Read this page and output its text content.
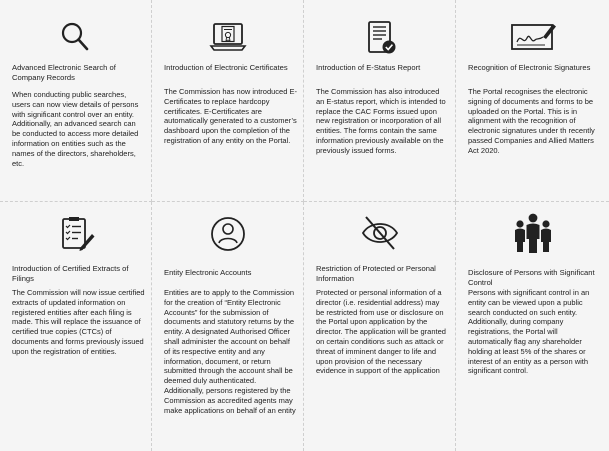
Advanced Electronic Search of Company Records
When conducting public searches, users can now view details of persons with significant control over an entity. Additionally, an advanced search can be conducted to access more detailed information on entities such as the names of the directors, shareholders, etc.
Introduction of Electronic Certificates
The Commission has now introduced E-Certificates to replace hardcopy certificates. E-Certificates are automatically generated to a customer’s dashboard upon the completion of the registration of any entity on the Portal.
Introduction of E-Status Report
The Commission has also introduced an E-status report, which is intended to replace the CAC Forms issued upon new registration or incorporation of all entities. The forms contain the same information previously available on the previously issued forms.
Recognition of Electronic Signatures
The Portal recognises the electronic signing of documents and forms to be uploaded on the Portal. This is in alignment with the recognition of electronic signatures under th recently passed Companies and Allied Matters Act 2020.
Introduction of Certified Extracts of Filings
The Commission will now issue certified extracts of updated information on registered entities after each filing is made. This will replace the issuance of certified true copies (CTCs) of documents and forms previously issued upon the registration of entities.
Entity Electronic Accounts
Entities are to apply to the Commission for the creation of “Entity Electronic Accounts” for the submission of documents and statutory returns by the entity. A designated Authorised Officer shall administer the account on behalf of its respective entity and any information, document, or return submitted through the account shall be deemed duly authenticated. Additionally, persons registered by the Commission as accredited agents may make applications on behalf of an entity
Restriction of Protected or Personal Information
Protected or personal information of a director (i.e. residential address) may be restricted from use or disclosure on the Portal upon application by the director. The application will be granted on certain conditions such as attack or threat of imminent danger to life and upon provision of the necessary evidence in support of the application
Disclosure of Persons with Significant Control
Persons with significant control in an entity can be viewed upon a public search conducted on such entity. Additionally, during company registrations, the Portal will automatically flag any shareholder holding at least 5% of the shares or interest of an entity as a person with significant control.
